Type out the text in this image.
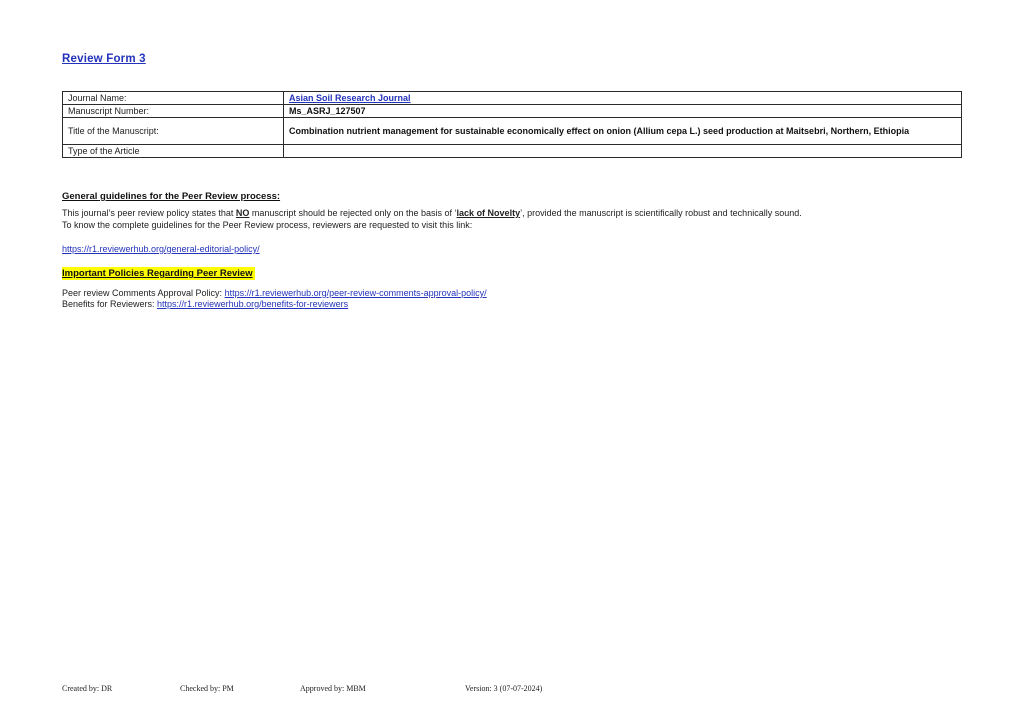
Review Form 3
Journal Name:	Asian Soil Research Journal
Manuscript Number:	Ms_ASRJ_127507
Title of the Manuscript:	Combination nutrient management for sustainable economically effect on onion (Allium cepa L.) seed production at Maitsebri, Northern, Ethiopia
Type of the Article	
General guidelines for the Peer Review process:
This journal’s peer review policy states that NO manuscript should be rejected only on the basis of ‘lack of Novelty’, provided the manuscript is scientifically robust and technically sound.
To know the complete guidelines for the Peer Review process, reviewers are requested to visit this link:
https://r1.reviewerhub.org/general-editorial-policy/
Important Policies Regarding Peer Review
Peer review Comments Approval Policy: https://r1.reviewerhub.org/peer-review-comments-approval-policy/
Benefits for Reviewers: https://r1.reviewerhub.org/benefits-for-reviewers
Created by: DR	Checked by: PM	Approved by: MBM	Version: 3 (07-07-2024)
